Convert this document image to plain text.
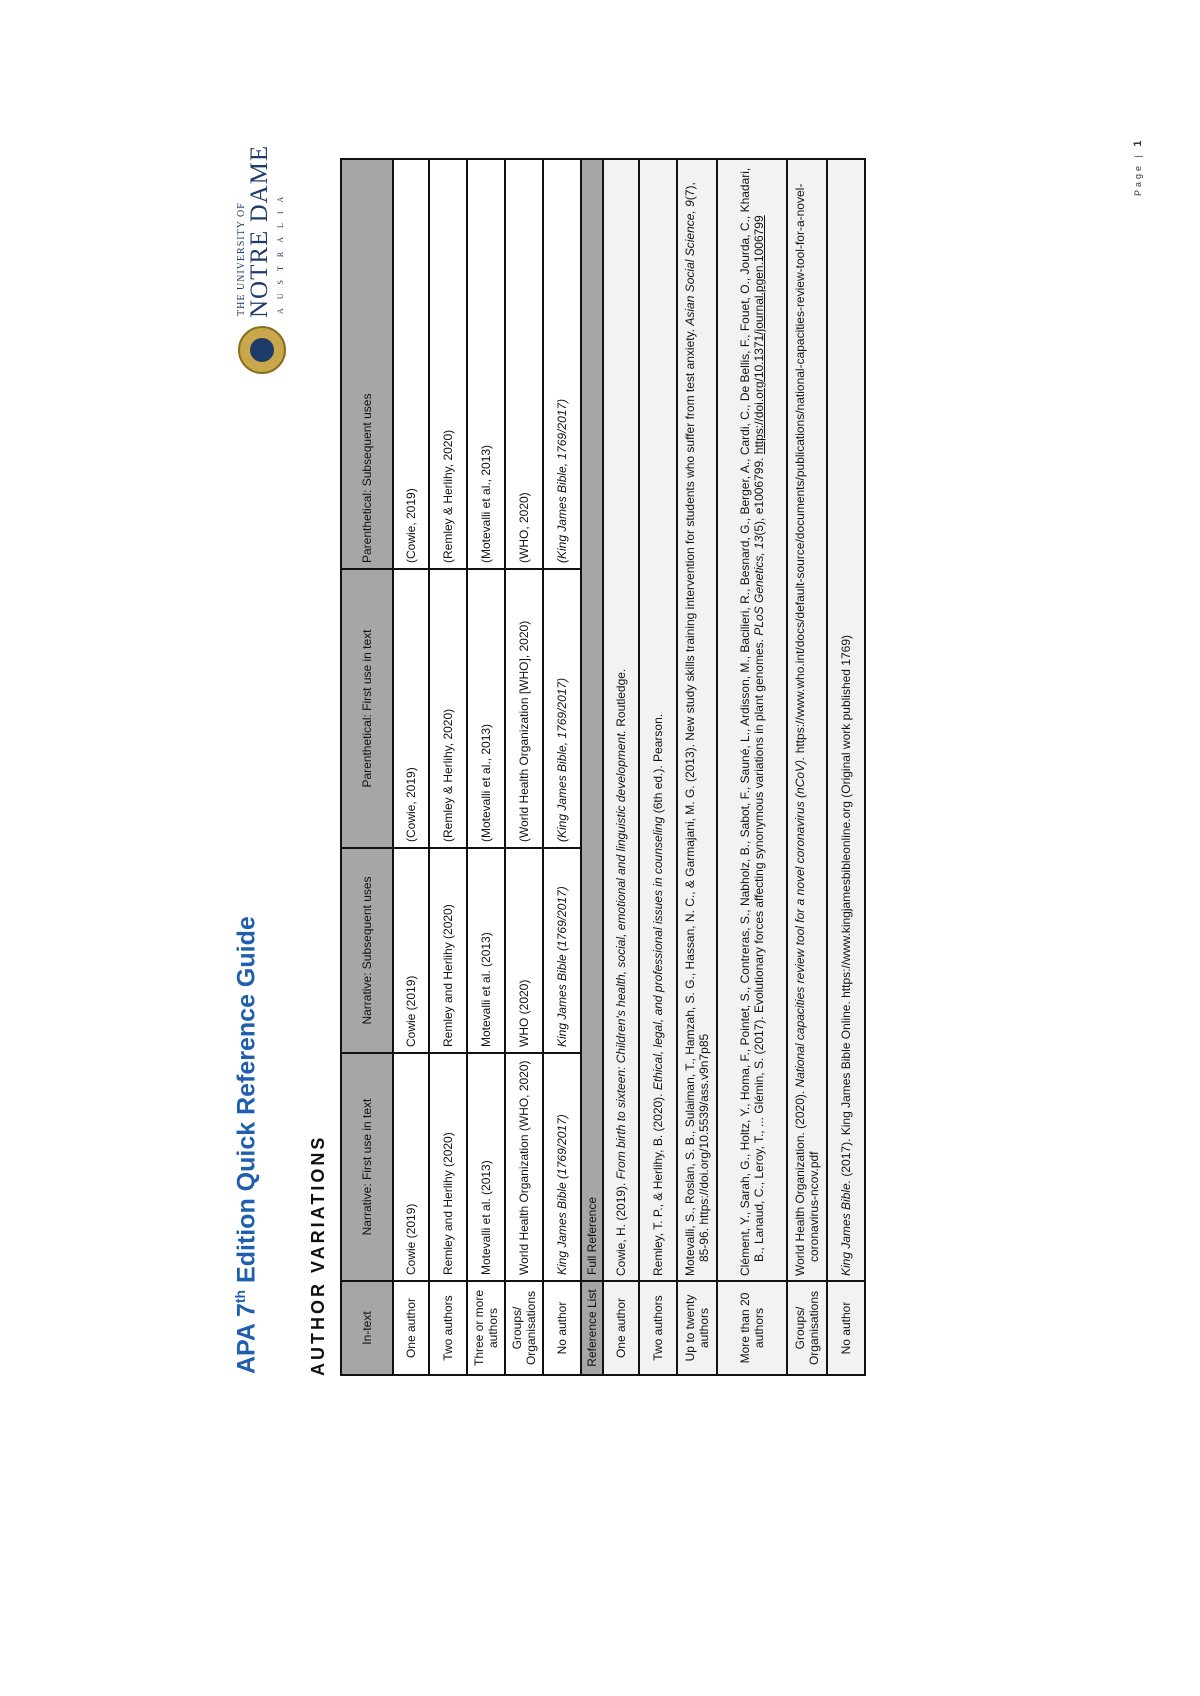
APA 7th Edition Quick Reference Guide
THE UNIVERSITY OF NOTRE DAME AUSTRALIA
AUTHOR VARIATIONS	In-text	Narrative: First use in text	Narrative: Subsequent uses	Parenthetical: First use in text	Parenthetical: Subsequent uses
One author	Cowie (2019)	Cowie (2019)	(Cowie, 2019)	(Cowie, 2019)
Two authors	Remley and Herlihy (2020)	Remley and Herlihy (2020)	(Remley & Herlihy, 2020)	(Remley & Herlihy, 2020)
Three or more authors	Motevalli et al. (2013)	Motevalli et al. (2013)	(Motevalli et al., 2013)	(Motevalli et al., 2013)
Groups/ Organisations	World Health Organization (WHO, 2020)	WHO (2020)	(World Health Organization [WHO], 2020)	(WHO, 2020)
No author	King James Bible (1769/2017)	King James Bible (1769/2017)	(King James Bible, 1769/2017)	(King James Bible, 1769/2017)
Reference List	Full Reference			
One author	Cowie, H. (2019). From birth to sixteen: Children's health, social, emotional and linguistic development. Routledge.			
Two authors	Remley, T. P., & Herlihy, B. (2020). Ethical, legal, and professional issues in counseling (6th ed.). Pearson.			
Up to twenty authors	Motevalli, S., Roslan, S. B., Sulaiman, T., Hamzah, S. G., Hassan, N. C., & Garmajani, M. G. (2013). New study skills training intervention for students who suffer from test anxiety. Asian Social Science, 9(7), 85-96. https://doi.org/10.5539/ass.v9n7p85			
More than 20 authors	Clément, Y., Sarah, G., Holtz, Y., Homa, F., Pointet, S., Contreras, S., Nabholz, B., Sabot, F., Sauné, L., Ardisson, M., Bacilieri, R., Besnard, G., Berger, A., Cardi, C., De Bellis, F., Fouet, O., Jourda, C., Khadari, B., Lanaud, C., Leroy, T., ... Glémin, S. (2017). Evolutionary forces affecting synonymous variations in plant genomes. PLoS Genetics, 13(5), e1006799. https://doi.org/10.1371/journal.pgen.1006799			
Groups/ Organisations	World Health Organization. (2020). National capacities review tool for a novel coronavirus (nCoV). https://www.who.int/docs/default-source/documents/publications/national-capacities-review-tool-for-a-novel-coronavirus-ncov.pdf			
No author	King James Bible. (2017). King James Bible Online. https://www.kingjamesbibleonline.org (Original work published 1769)			
Page | 1
